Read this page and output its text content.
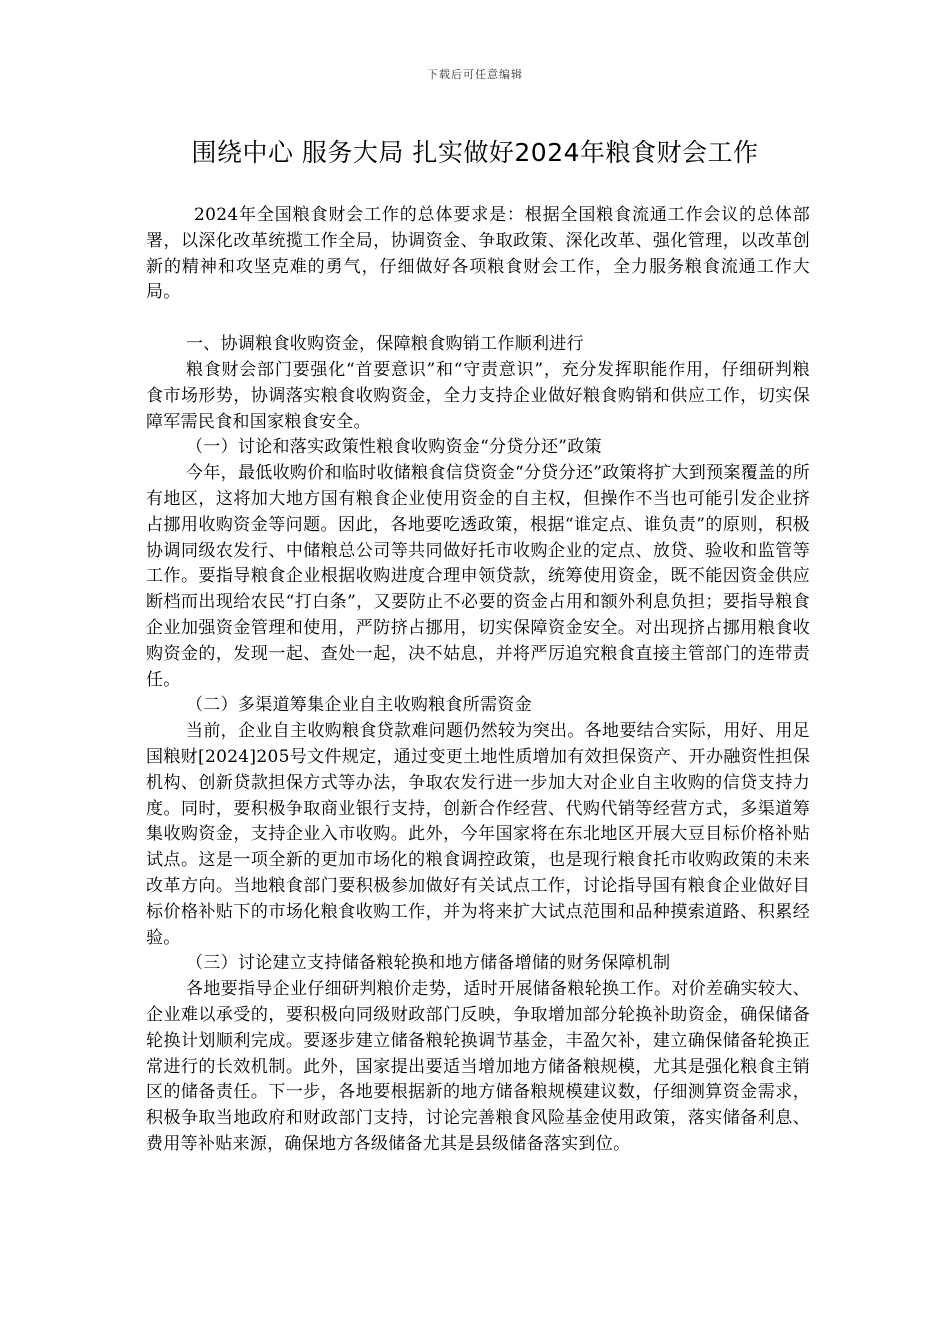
下载后可任意编辑
围绕中心 服务大局 扎实做好2024年粮食财会工作

2024年全国粮食财会工作的总体要求是：根据全国粮食流通工作会议的总体部署，以深化改革统揽工作全局，协调资金、争取政策、深化改革、强化管理，以改革创新的精神和攻坚克难的勇气，仔细做好各项粮食财会工作，全力服务粮食流通工作大局。

一、协调粮食收购资金，保障粮食购销工作顺利进行

粮食财会部门要强化“首要意识”和“守责意识”，充分发挥职能作用，仔细研判粮食市场形势，协调落实粮食收购资金，全力支持企业做好粮食购销和供应工作，切实保障军需民食和国家粮食安全。

（一）讨论和落实政策性粮食收购资金“分贷分还”政策

今年，最低收购价和临时收储粮食信贷资金“分贷分还”政策将扩大到预案覆盖的所有地区，这将加大地方国有粮食企业使用资金的自主权，但操作不当也可能引发企业挤占挪用收购资金等问题。因此，各地要吃透政策，根据“谁定点、谁负责”的原则，积极协调同级农发行、中储粮总公司等共同做好托市收购企业的定点、放贷、验收和监管等工作。要指导粮食企业根据收购进度合理申领贷款，统筹使用资金，既不能因资金供应断档而出现给农民“打白条”，又要防止不必要的资金占用和额外利息负担；要指导粮食企业加强资金管理和使用，严防挤占挪用，切实保障资金安全。对出现挤占挪用粮食收购资金的，发现一起、查处一起，决不姑息，并将严厉追究粮食直接主管部门的连带责任。

（二）多渠道筹集企业自主收购粮食所需资金

当前，企业自主收购粮食贷款难问题仍然较为突出。各地要结合实际，用好、用足国粮财[2024]205号文件规定，通过变更土地性质增加有效担保资产、开办融资性担保机构、创新贷款担保方式等办法，争取农发行进一步加大对企业自主收购的信贷支持力度。同时，要积极争取商业银行支持，创新合作经营、代购代销等经营方式，多渠道筹集收购资金，支持企业入市收购。此外，今年国家将在东北地区开展大豆目标价格补贴试点。这是一项全新的更加市场化的粮食调控政策，也是现行粮食托市收购政策的未来改革方向。当地粮食部门要积极参加做好有关试点工作，讨论指导国有粮食企业做好目标价格补贴下的市场化粮食收购工作，并为将来扩大试点范围和品种摸索道路、积累经验。

（三）讨论建立支持储备粮轮换和地方储备增储的财务保障机制

各地要指导企业仔细研判粮价走势，适时开展储备粮轮换工作。对价差确实较大、企业难以承受的，要积极向同级财政部门反映，争取增加部分轮换补助资金，确保储备轮换计划顺利完成。要逐步建立储备粮轮换调节基金，丰盈欠补，建立确保储备轮换正常进行的长效机制。此外，国家提出要适当增加地方储备粮规模，尤其是强化粮食主销区的储备责任。下一步，各地要根据新的地方储备粮规模建议数，仔细测算资金需求，积极争取当地政府和财政部门支持，讨论完善粮食风险基金使用政策，落实储备利息、费用等补贴来源，确保地方各级储备尤其是县级储备落实到位。
